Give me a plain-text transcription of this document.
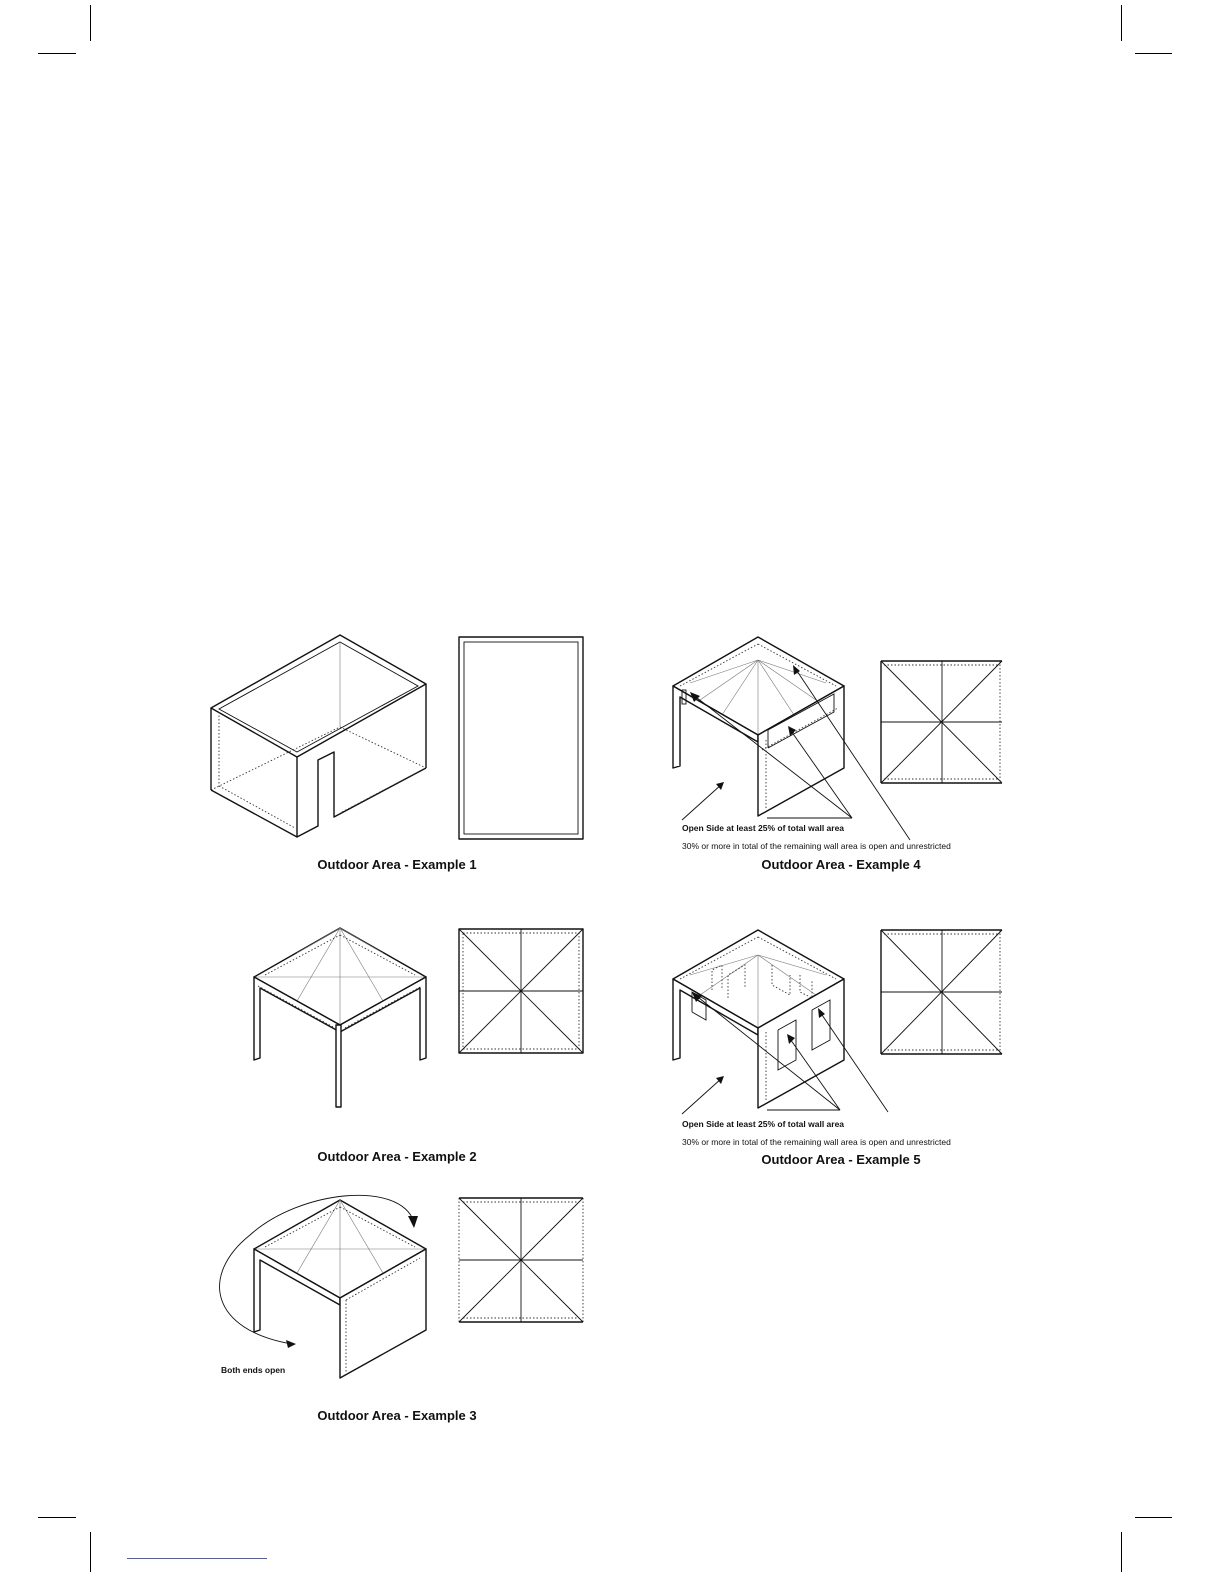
Outdoor Area - Example 1
Outdoor Area - Example 2
Both ends open
Outdoor Area - Example 3
Open Side at least 25% of total wall area
30% or more in total of the remaining wall area is open and unrestricted
Outdoor Area - Example 4
Open Side at least 25% of total wall area
30% or more in total of the remaining wall area is open and unrestricted
Outdoor Area - Example 5
